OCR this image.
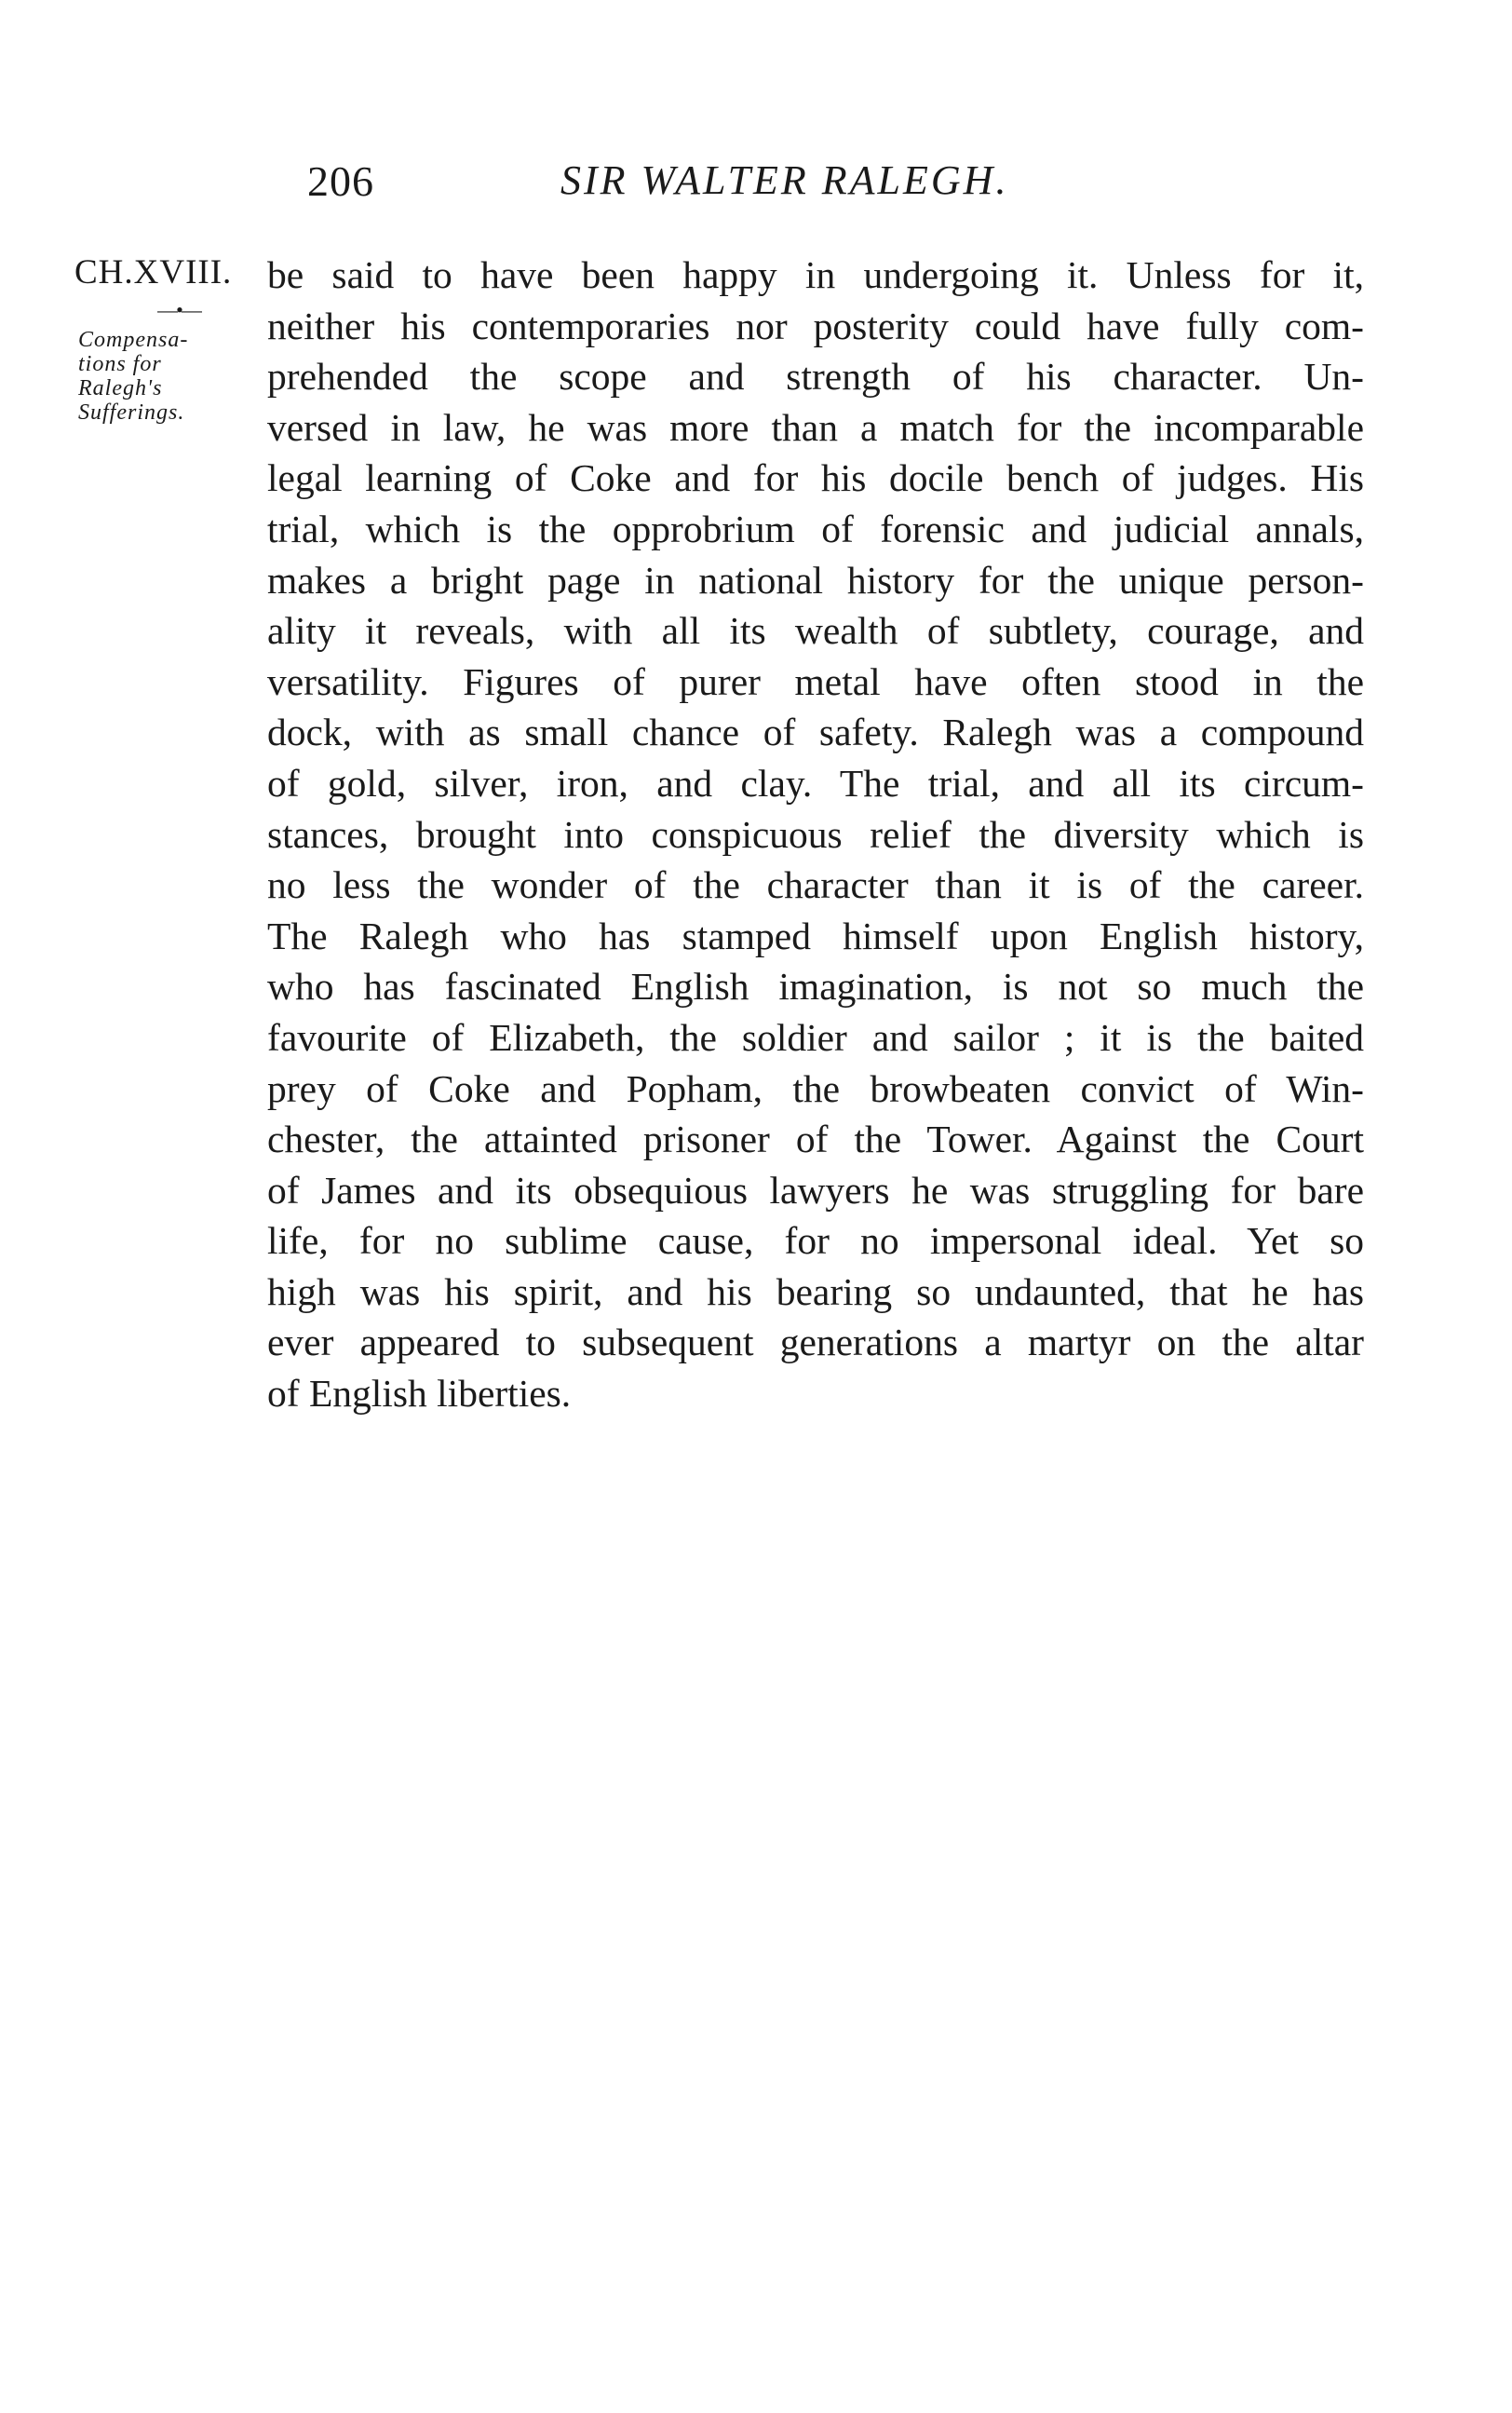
206	SIR WALTER RALEGH.
CH.XVIII.
—•—
Compensa-
tions for
Ralegh's
Sufferings.
be said to have been happy in undergoing it. Unless for it,
neither his contemporaries nor posterity could have fully com-
prehended the scope and strength of his character. Un-
versed in law, he was more than a match for the incomparable
legal learning of Coke and for his docile bench of judges. His
trial, which is the opprobrium of forensic and judicial annals,
makes a bright page in national history for the unique person-
ality it reveals, with all its wealth of subtlety, courage, and
versatility. Figures of purer metal have often stood in the
dock, with as small chance of safety. Ralegh was a compound
of gold, silver, iron, and clay. The trial, and all its circum-
stances, brought into conspicuous relief the diversity which is
no less the wonder of the character than it is of the career.
The Ralegh who has stamped himself upon English history,
who has fascinated English imagination, is not so much the
favourite of Elizabeth, the soldier and sailor ; it is the baited
prey of Coke and Popham, the browbeaten convict of Win-
chester, the attainted prisoner of the Tower. Against the Court
of James and its obsequious lawyers he was struggling for bare
life, for no sublime cause, for no impersonal ideal. Yet so
high was his spirit, and his bearing so undaunted, that he has
ever appeared to subsequent generations a martyr on the altar
of English liberties.
